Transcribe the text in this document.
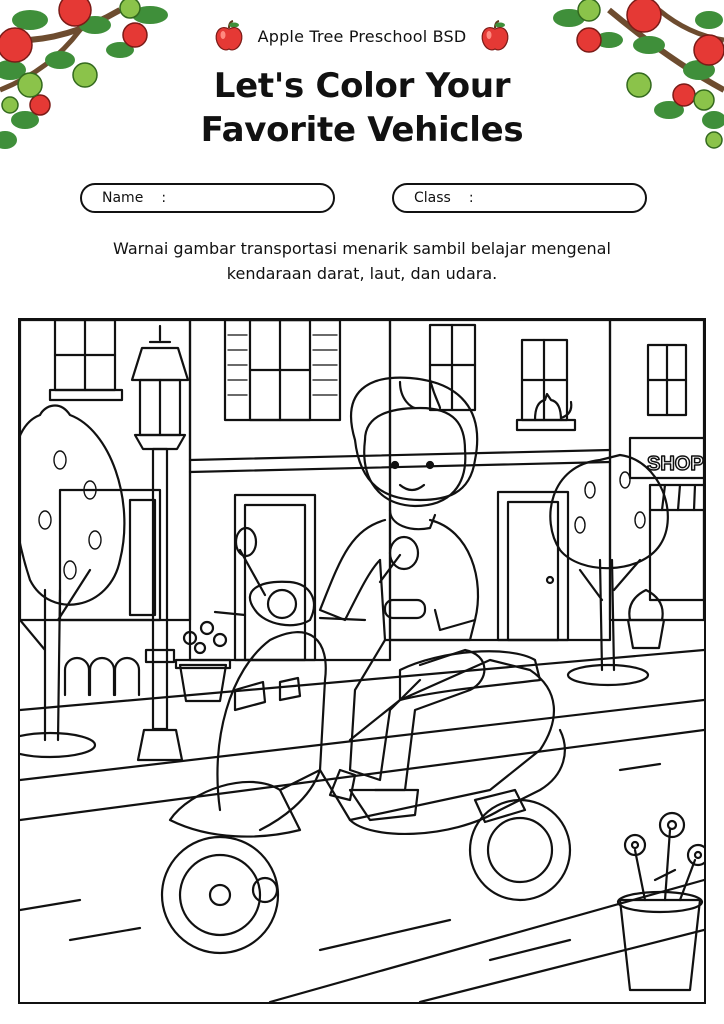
Apple Tree Preschool BSD
Let's Color Your
Favorite Vehicles
Name :	Class :
Warnai gambar transportasi menarik sambil belajar mengenal
kendaraan darat, laut, dan udara.
SHOP
